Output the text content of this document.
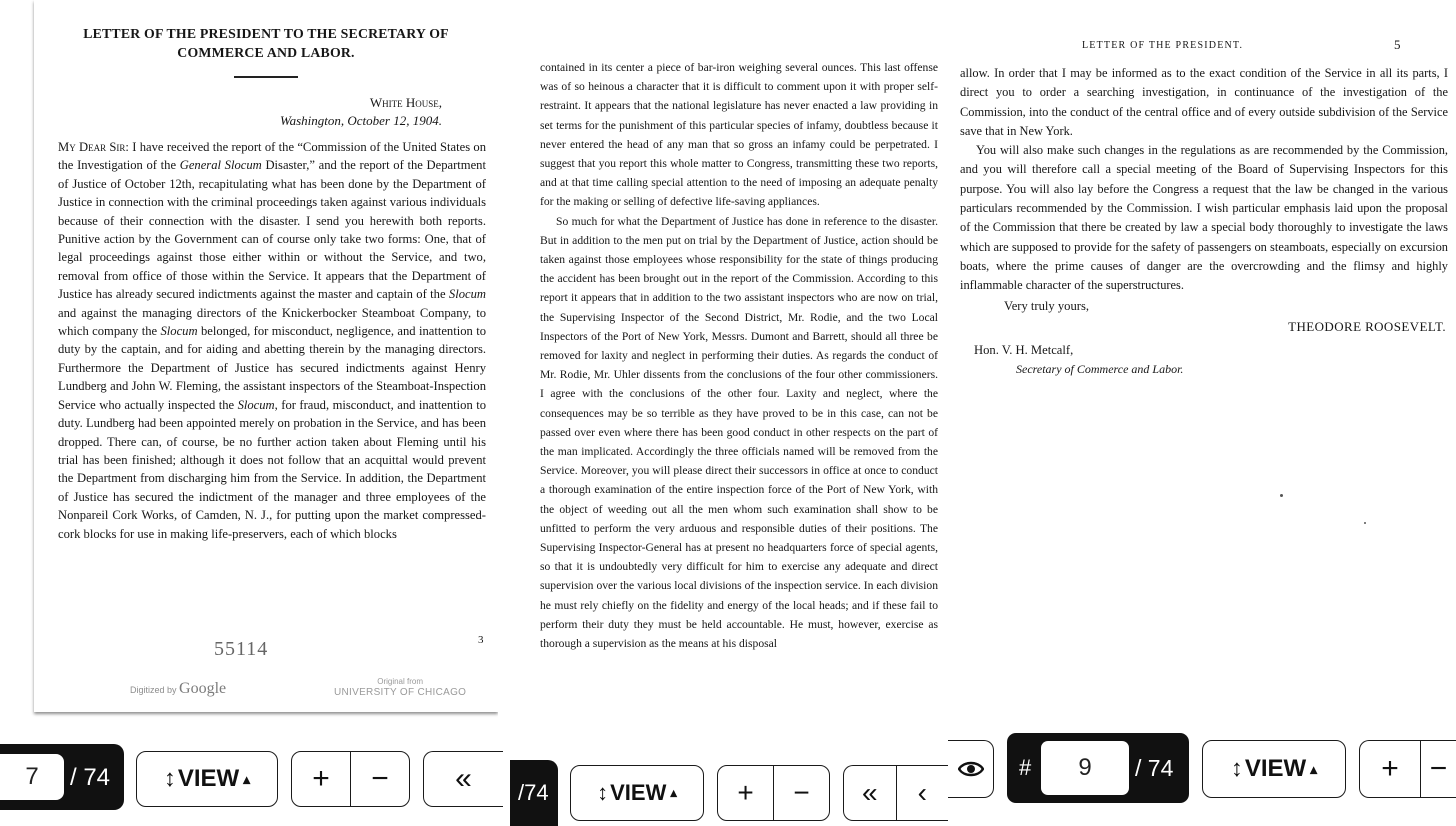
LETTER OF THE PRESIDENT TO THE SECRETARY OF
COMMERCE AND LABOR.
White House,
Washington, October 12, 1904.
My Dear Sir: I have received the report of the “Commission of the United States on the Investigation of the General Slocum Disaster,” and the report of the Department of Justice of October 12th, recapitulating what has been done by the Department of Justice in connection with the criminal proceedings taken against various individuals because of their connection with the disaster. I send you herewith both reports. Punitive action by the Government can of course only take two forms: One, that of legal proceedings against those either within or without the Service, and two, removal from office of those within the Service. It appears that the Department of Justice has already secured indictments against the master and captain of the Slocum and against the managing directors of the Knickerbocker Steamboat Company, to which company the Slocum belonged, for misconduct, negligence, and inattention to duty by the captain, and for aiding and abetting therein by the managing directors. Furthermore the Department of Justice has secured indictments against Henry Lundberg and John W. Fleming, the assistant inspectors of the Steamboat-Inspection Service who actually inspected the Slocum, for fraud, misconduct, and inattention to duty. Lundberg had been appointed merely on probation in the Service, and has been dropped. There can, of course, be no further action taken about Fleming until his trial has been finished; although it does not follow that an acquittal would prevent the Department from discharging him from the Service. In addition, the Department of Justice has secured the indictment of the manager and three employees of the Nonpareil Cork Works, of Camden, N. J., for putting upon the market compressed-cork blocks for use in making life-preservers, each of which blocks
55114	3
Digitized by Google	Original from
UNIVERSITY OF CHICAGO

contained in its center a piece of bar-iron weighing several ounces. This last offense was of so heinous a character that it is difficult to comment upon it with proper self-restraint. It appears that the national legislature has never enacted a law providing in set terms for the punishment of this particular species of infamy, doubtless because it never entered the head of any man that so gross an infamy could be perpetrated. I suggest that you report this whole matter to Congress, transmitting these two reports, and at that time calling special attention to the need of imposing an adequate penalty for the making or selling of defective life-saving appliances.

So much for what the Department of Justice has done in reference to the disaster. But in addition to the men put on trial by the Department of Justice, action should be taken against those employees whose responsibility for the state of things producing the accident has been brought out in the report of the Commission. According to this report it appears that in addition to the two assistant inspectors who are now on trial, the Supervising Inspector of the Second District, Mr. Rodie, and the two Local Inspectors of the Port of New York, Messrs. Dumont and Barrett, should all three be removed for laxity and neglect in performing their duties. As regards the conduct of Mr. Rodie, Mr. Uhler dissents from the conclusions of the four other commissioners. I agree with the conclusions of the other four. Laxity and neglect, where the consequences may be so terrible as they have proved to be in this case, can not be passed over even where there has been good conduct in other respects on the part of the man implicated. Accordingly the three officials named will be removed from the Service. Moreover, you will please direct their successors in office at once to conduct a thorough examination of the entire inspection force of the Port of New York, with the object of weeding out all the men whom such examination shall show to be unfitted to perform the very arduous and responsible duties of their positions. The Supervising Inspector-General has at present no headquarters force of special agents, so that it is undoubtedly very difficult for him to exercise any adequate and direct supervision over the various local divisions of the inspection service. In each division he must rely chiefly on the fidelity and energy of the local heads; and if these fail to perform their duty they must be held accountable. He must, however, exercise as thorough a supervision as the means at his disposal

LETTER OF THE PRESIDENT.	5

allow. In order that I may be informed as to the exact condition of the Service in all its parts, I direct you to order a searching investigation, in continuance of the investigation of the Commission, into the conduct of the central office and of every outside subdivision of the Service save that in New York.

You will also make such changes in the regulations as are recommended by the Commission, and you will therefore call a special meeting of the Board of Supervising Inspectors for this purpose. You will also lay before the Congress a request that the law be changed in the various particulars recommended by the Commission. I wish particular emphasis laid upon the proposal of the Commission that there be created by law a special body thoroughly to investigate the laws which are supposed to provide for the safety of passengers on steamboats, especially on excursion boats, where the prime causes of danger are the overcrowding and the flimsy and highly inflammable character of the superstructures.

Very truly yours,

THEODORE ROOSEVELT.
Hon. V. H. Metcalf,
Secretary of Commerce and Labor.
7	/ 74 ↕ VIEW ▴	+	−	«	/74 ↕ VIEW ▴	+	−	«	‹
#	9	/ 74 ↕ VIEW ▴	+	−
